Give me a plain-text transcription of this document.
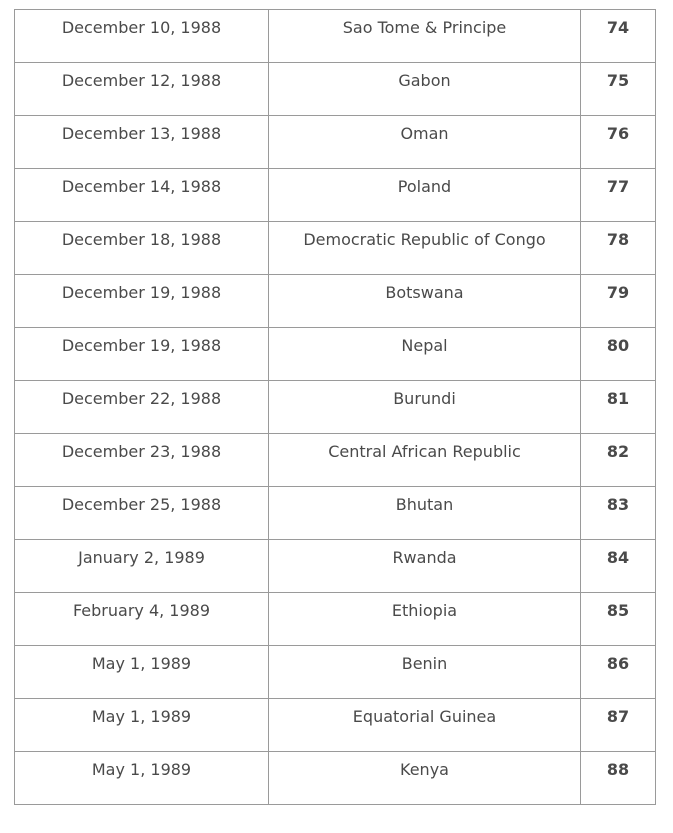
December 10, 1988	Sao Tome & Principe	74
December 12, 1988	Gabon	75
December 13, 1988	Oman	76
December 14, 1988	Poland	77
December 18, 1988	Democratic Republic of Congo	78
December 19, 1988	Botswana	79
December 19, 1988	Nepal	80
December 22, 1988	Burundi	81
December 23, 1988	Central African Republic	82
December 25, 1988	Bhutan	83
January 2, 1989	Rwanda	84
February 4, 1989	Ethiopia	85
May 1, 1989	Benin	86
May 1, 1989	Equatorial Guinea	87
May 1, 1989	Kenya	88
